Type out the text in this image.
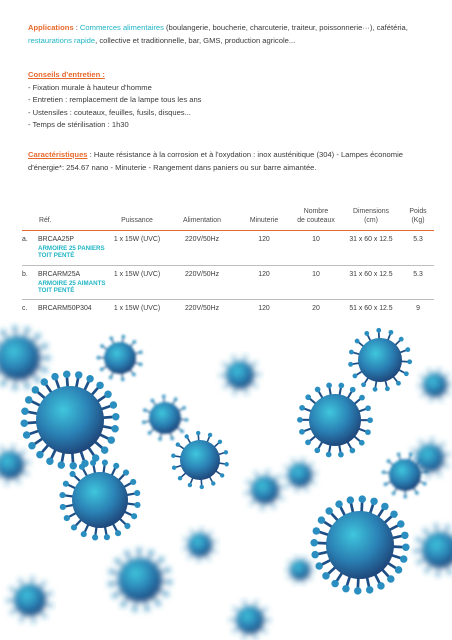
Applications : Commerces alimentaires (boulangerie, boucherie, charcuterie, traiteur, poissonnerie···), cafétéria,
restaurations rapide, collective et traditionnelle, bar, GMS, production agricole...
Conseils d'entretien :
- Fixation murale à hauteur d'homme
- Entretien : remplacement de la lampe tous les ans
- Ustensiles : couteaux, feuilles, fusils, disques...
- Temps de stérilisation : 1h30
Caractéristiques : Haute résistance à la corrosion et à l'oxydation : inox austénitique (304) - Lampes économie
d'énergie*: 254.67 nano - Minuterie - Rangement dans paniers ou sur barre aimantée.
Réf.		Puissance	Alimentation	Minuterie	Nombre
de couteaux	Dimensions
(cm)	Poids
(Kg)

a.	BRCAA25P
ARMOIRE 25 PANIERS TOIT PENTÉ	1 x 15W (UVC)	220V/50Hz	120	10	31 x 60 x 12.5	5.3

b.	BRCARM25A
ARMOIRE 25 AIMANTS TOIT PENTÉ	1 x 15W (UVC)	220V/50Hz	120	10	31 x 60 x 12.5	5.3

c.	BRCARM50P304	1 x 15W (UVC)	220V/50Hz	120	20	51 x 60 x 12.5	9
